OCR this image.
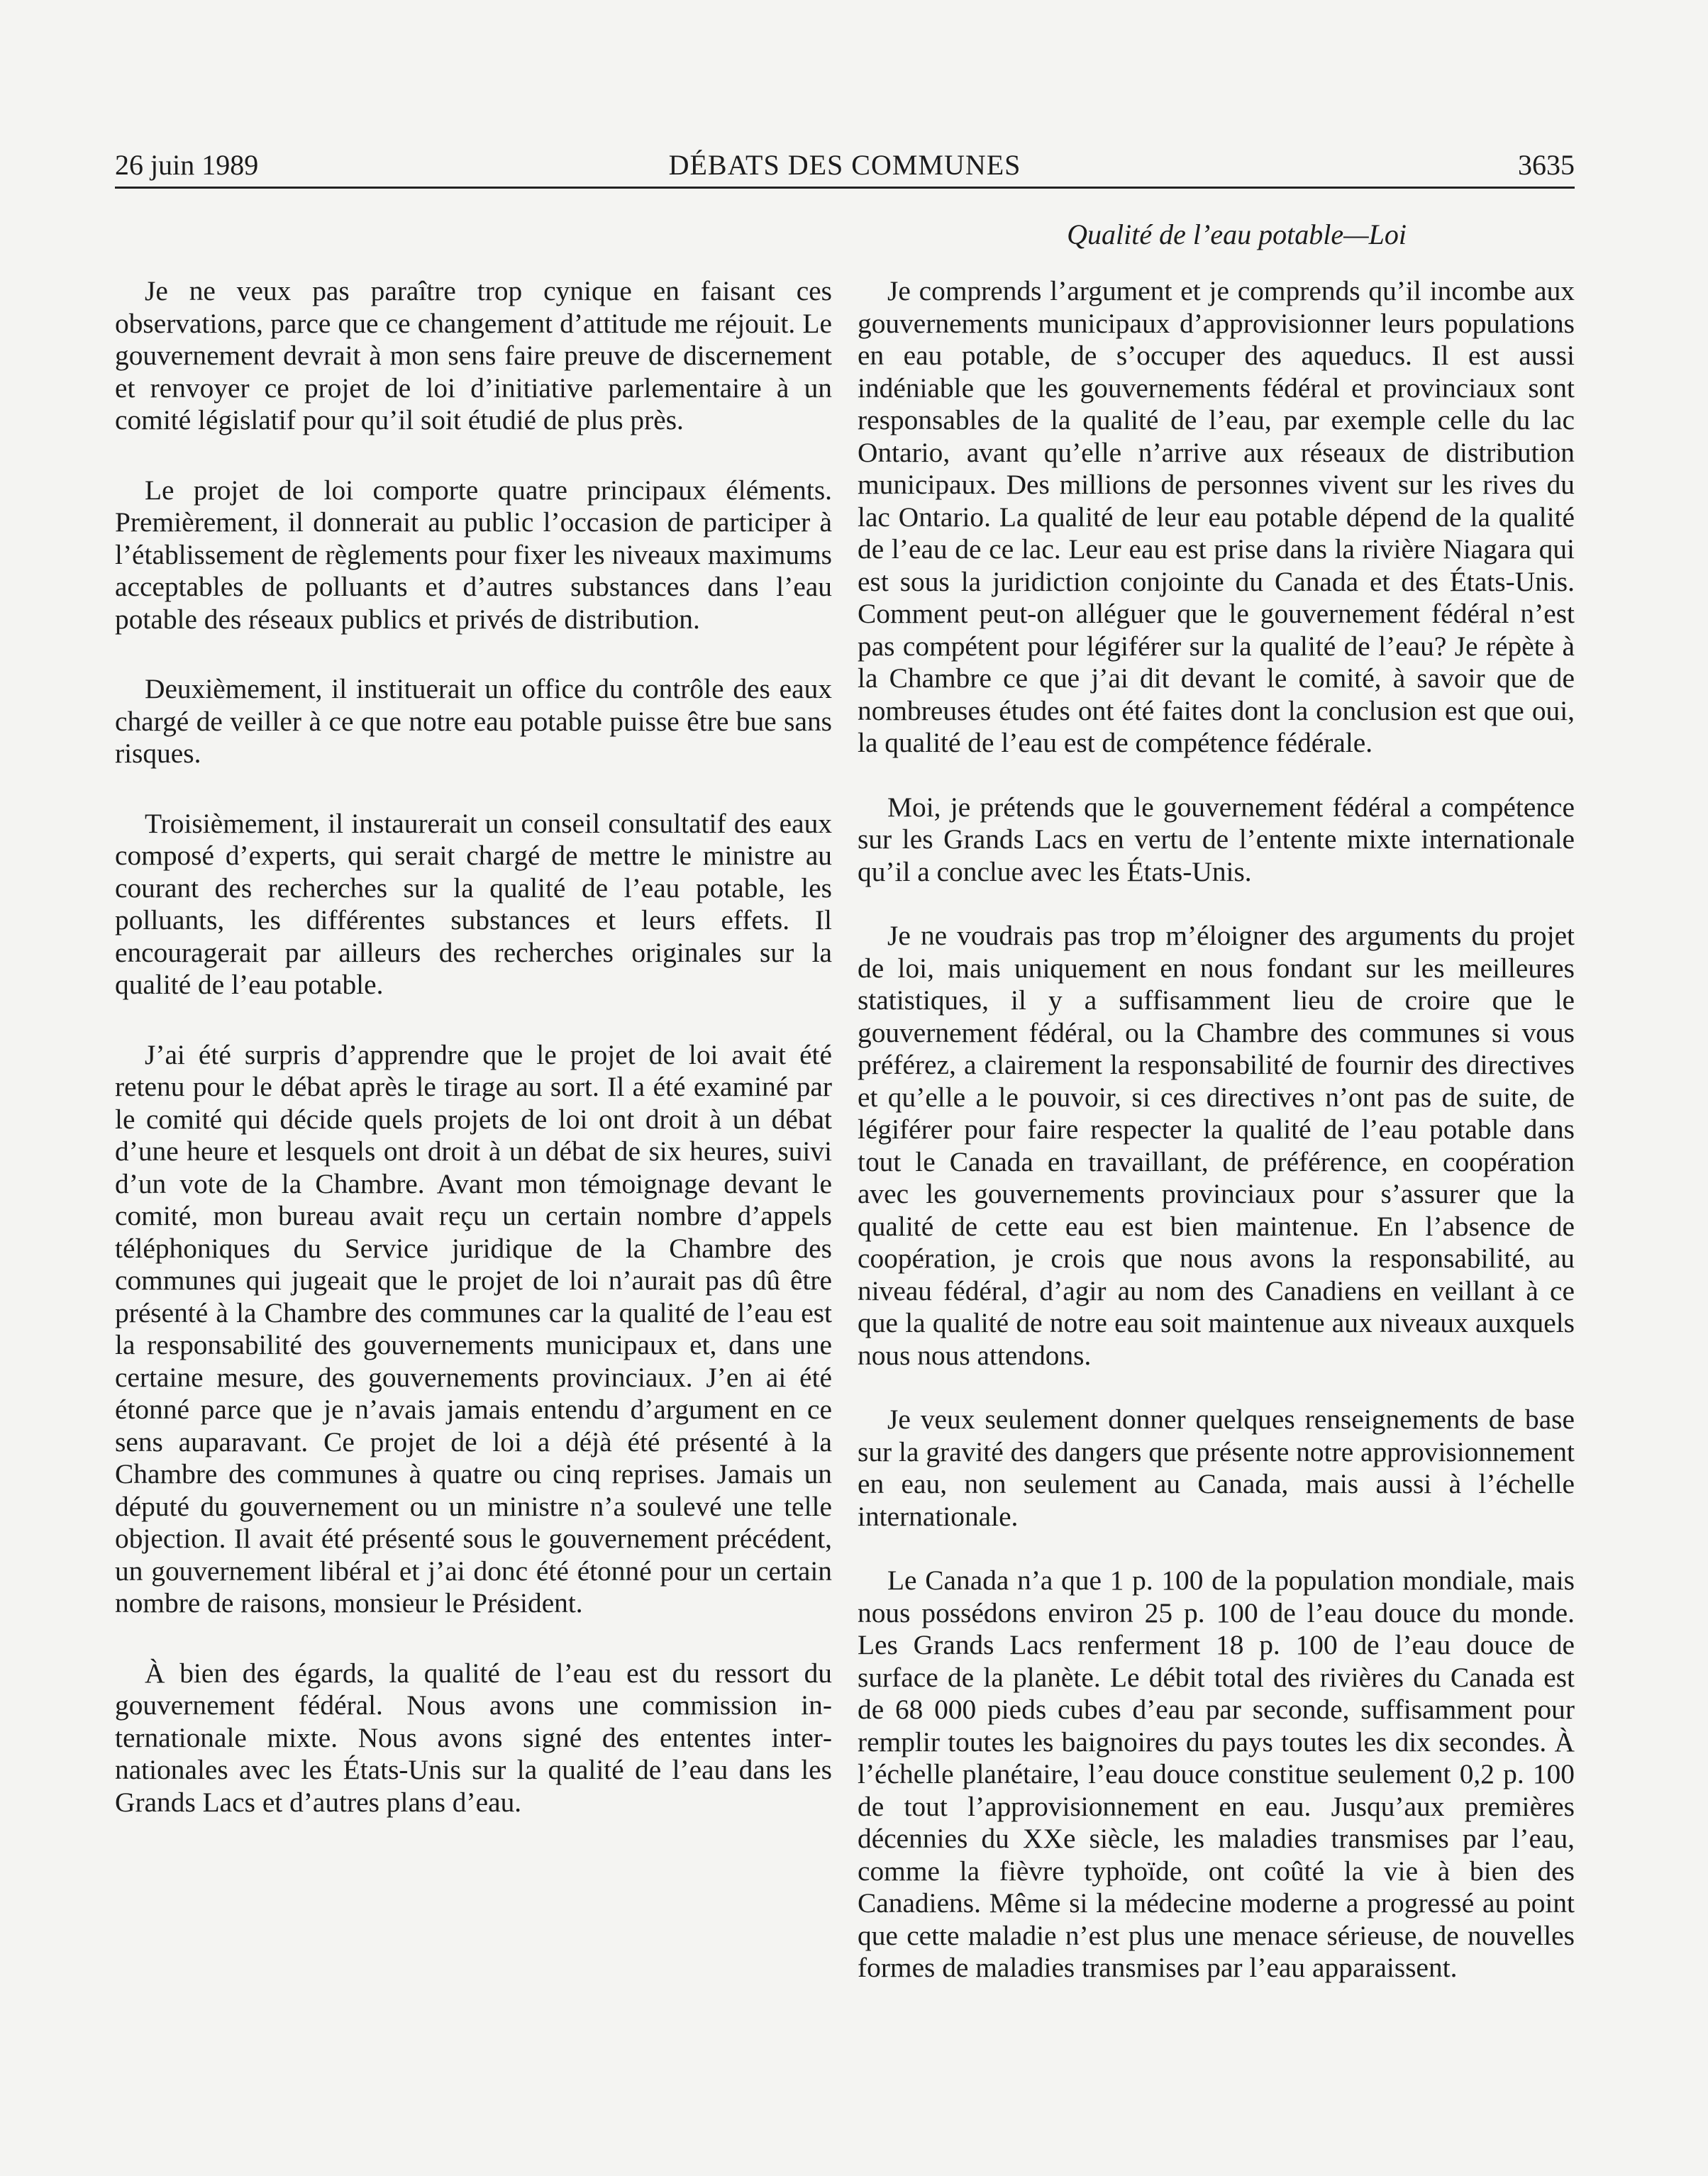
26 juin 1989	DÉBATS DES COMMUNES	3635
Qualité de l’eau potable—Loi

Je ne veux pas paraître trop cynique en faisant ces observations, parce que ce changement d’attitude me réjouit. Le gouvernement devrait à mon sens faire preuve de discernement et renvoyer ce projet de loi d’initiative parlementaire à un comité législatif pour qu’il soit étudié de plus près.

Le projet de loi comporte quatre principaux éléments. Premièrement, il donnerait au public l’occasion de participer à l’établissement de règlements pour fixer les niveaux maximums acceptables de polluants et d’autres substances dans l’eau potable des réseaux publics et privés de distribution.

Deuxièmement, il instituerait un office du contrôle des eaux chargé de veiller à ce que notre eau potable puisse être bue sans risques.

Troisièmement, il instaurerait un conseil consultatif des eaux composé d’experts, qui serait chargé de mettre le ministre au courant des recherches sur la qualité de l’eau potable, les polluants, les différentes substances et leurs effets. Il encouragerait par ailleurs des recherches originales sur la qualité de l’eau potable.

J’ai été surpris d’apprendre que le projet de loi avait été retenu pour le débat après le tirage au sort. Il a été examiné par le comité qui décide quels projets de loi ont droit à un débat d’une heure et lesquels ont droit à un débat de six heures, suivi d’un vote de la Chambre. Avant mon témoignage devant le comité, mon bureau avait reçu un certain nombre d’appels téléphoniques du Service juridique de la Chambre des communes qui jugeait que le projet de loi n’aurait pas dû être présenté à la Chambre des communes car la qualité de l’eau est la responsabilité des gouvernements municipaux et, dans une certaine mesure, des gouvernements provinciaux. J’en ai été étonné parce que je n’avais jamais entendu d’argument en ce sens auparavant. Ce projet de loi a déjà été présenté à la Chambre des communes à quatre ou cinq reprises. Jamais un député du gouvernement ou un ministre n’a soulevé une telle objection. Il avait été présenté sous le gouvernement précédent, un gouvernement libéral et j’ai donc été étonné pour un certain nombre de raisons, monsieur le Président.

À bien des égards, la qualité de l’eau est du ressort du gouvernement fédéral. Nous avons une commission internationale mixte. Nous avons signé des ententes internationales avec les États-Unis sur la qualité de l’eau dans les Grands Lacs et d’autres plans d’eau.

Je comprends l’argument et je comprends qu’il incombe aux gouvernements municipaux d’approvisionner leurs populations en eau potable, de s’occuper des aqueducs. Il est aussi indéniable que les gouvernements fédéral et provinciaux sont responsables de la qualité de l’eau, par exemple celle du lac Ontario, avant qu’elle n’arrive aux réseaux de distribution municipaux. Des millions de personnes vivent sur les rives du lac Ontario. La qualité de leur eau potable dépend de la qualité de l’eau de ce lac. Leur eau est prise dans la rivière Niagara qui est sous la juridiction conjointe du Canada et des États-Unis. Comment peut-on alléguer que le gouvernement fédéral n’est pas compétent pour légiférer sur la qualité de l’eau? Je répète à la Chambre ce que j’ai dit devant le comité, à savoir que de nombreuses études ont été faites dont la conclusion est que oui, la qualité de l’eau est de compétence fédérale.

Moi, je prétends que le gouvernement fédéral a compétence sur les Grands Lacs en vertu de l’entente mixte internationale qu’il a conclue avec les États-Unis.

Je ne voudrais pas trop m’éloigner des arguments du projet de loi, mais uniquement en nous fondant sur les meilleures statistiques, il y a suffisamment lieu de croire que le gouvernement fédéral, ou la Chambre des communes si vous préférez, a clairement la responsabilité de fournir des directives et qu’elle a le pouvoir, si ces directives n’ont pas de suite, de légiférer pour faire respecter la qualité de l’eau potable dans tout le Canada en travaillant, de préférence, en coopération avec les gouvernements provinciaux pour s’assurer que la qualité de cette eau est bien maintenue. En l’absence de coopération, je crois que nous avons la responsabilité, au niveau fédéral, d’agir au nom des Canadiens en veillant à ce que la qualité de notre eau soit maintenue aux niveaux auxquels nous nous attendons.

Je veux seulement donner quelques renseignements de base sur la gravité des dangers que présente notre approvisionnement en eau, non seulement au Canada, mais aussi à l’échelle internationale.

Le Canada n’a que 1 p. 100 de la population mondiale, mais nous possédons environ 25 p. 100 de l’eau douce du monde. Les Grands Lacs renferment 18 p. 100 de l’eau douce de surface de la planète. Le débit total des rivières du Canada est de 68 000 pieds cubes d’eau par seconde, suffisamment pour remplir toutes les baignoires du pays toutes les dix secondes. À l’échelle planétaire, l’eau douce constitue seulement 0,2 p. 100 de tout l’approvisionnement en eau. Jusqu’aux premières décennies du XXe siècle, les maladies transmises par l’eau, comme la fièvre typhoïde, ont coûté la vie à bien des Canadiens. Même si la médecine moderne a progressé au point que cette maladie n’est plus une menace sérieuse, de nouvelles formes de maladies transmises par l’eau apparaissent.
